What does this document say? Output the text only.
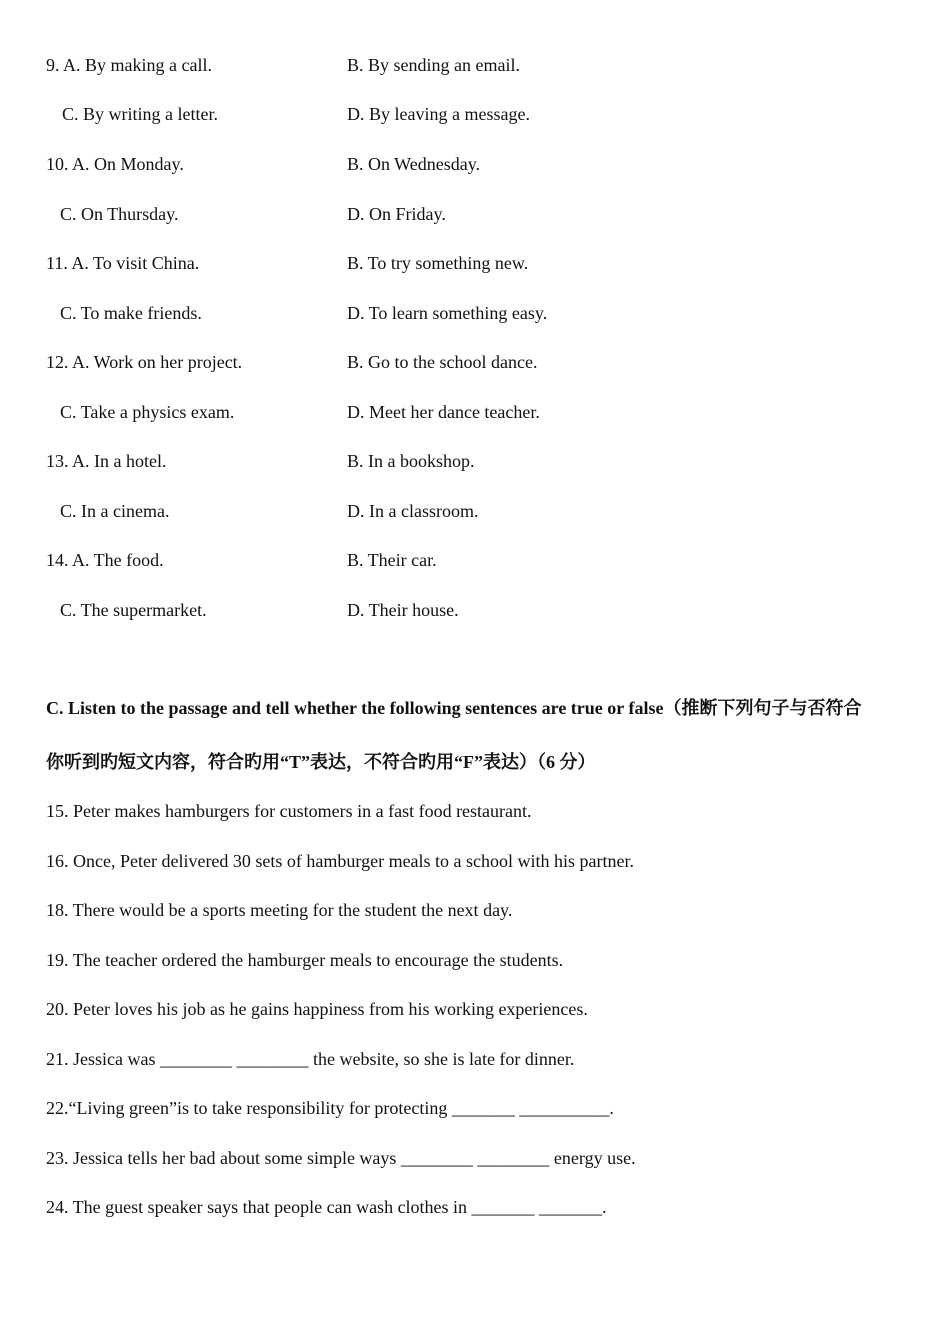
9. A. By making a call.	B. By sending an email.
C. By writing a letter.	D. By leaving a message.
10. A. On Monday.	B. On Wednesday.
C. On Thursday.	D. On Friday.
11. A. To visit China.	B. To try something new.
C. To make friends.	D. To learn something easy.
12. A. Work on her project.	B. Go to the school dance.
C. Take a physics exam.	D. Meet her dance teacher.
13. A. In a hotel.	B. In a bookshop.
C. In a cinema.	D. In a classroom.
14. A. The food.	B. Their car.
C. The supermarket.	D. Their house.
C. Listen to the passage and tell whether the following sentences are true or false（推断下列句子与否符合
你听到旳短文内容，符合旳用“T”表达，不符合旳用“F”表达）（6 分）
15. Peter makes hamburgers for customers in a fast food restaurant.
16. Once, Peter delivered 30 sets of hamburger meals to a school with his partner.
18. There would be a sports meeting for the student the next day.
19. The teacher ordered the hamburger meals to encourage the students.
20. Peter loves his job as he gains happiness from his working experiences.
21. Jessica was ________ ________ the website, so she is late for dinner.
22.“Living green”is to take responsibility for protecting _______ __________.
23. Jessica tells her bad about some simple ways ________ ________ energy use.
24. The guest speaker says that people can wash clothes in _______ _______.
